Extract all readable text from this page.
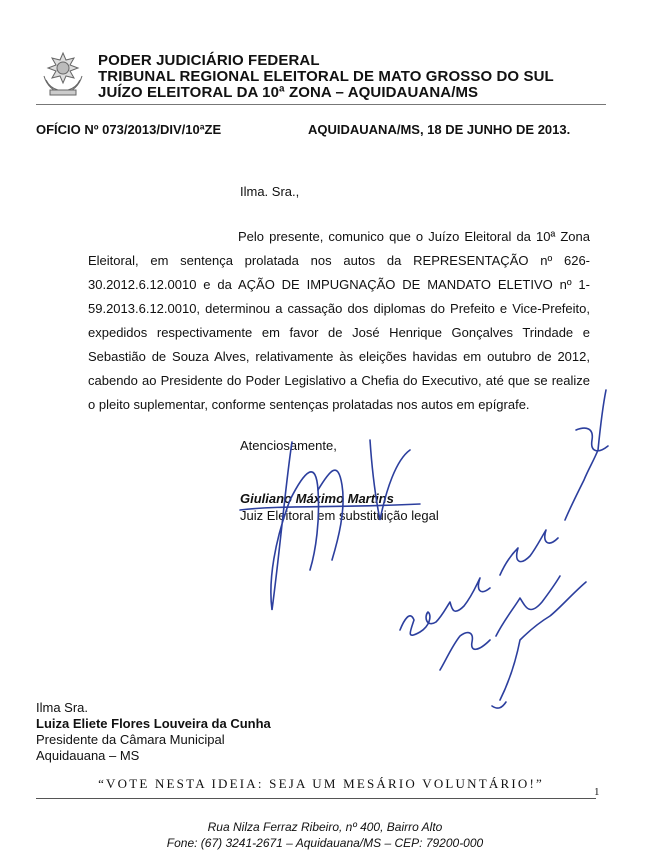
PODER JUDICIÁRIO FEDERAL
TRIBUNAL REGIONAL ELEITORAL DE MATO GROSSO DO SUL
JUÍZO ELEITORAL DA 10ª ZONA – AQUIDAUANA/MS
OFÍCIO Nº 073/2013/DIV/10ªZE	AQUIDAUANA/MS, 18 DE JUNHO DE 2013.
Ilma. Sra.,
Pelo presente, comunico que o Juízo Eleitoral da 10ª Zona Eleitoral, em sentença prolatada nos autos da REPRESENTAÇÃO nº 626-30.2012.6.12.0010 e da AÇÃO DE IMPUGNAÇÃO DE MANDATO ELETIVO nº 1-59.2013.6.12.0010, determinou a cassação dos diplomas do Prefeito e Vice-Prefeito, expedidos respectivamente em favor de José Henrique Gonçalves Trindade e Sebastião de Souza Alves, relativamente às eleições havidas em outubro de 2012, cabendo ao Presidente do Poder Legislativo a Chefia do Executivo, até que se realize o pleito suplementar, conforme sentenças prolatadas nos autos em epígrafe.
Atenciosamente,
Giuliano Máximo Martins
Juiz Eleitoral em substituição legal
Ilma Sra.
Luiza Eliete Flores Louveira da Cunha
Presidente da Câmara Municipal
Aquidauana – MS
“VOTE NESTA IDEIA: SEJA UM MESÁRIO VOLUNTÁRIO!”
1
Rua Nilza Ferraz Ribeiro, nº 400, Bairro Alto
Fone: (67) 3241-2671 – Aquidauana/MS – CEP: 79200-000
